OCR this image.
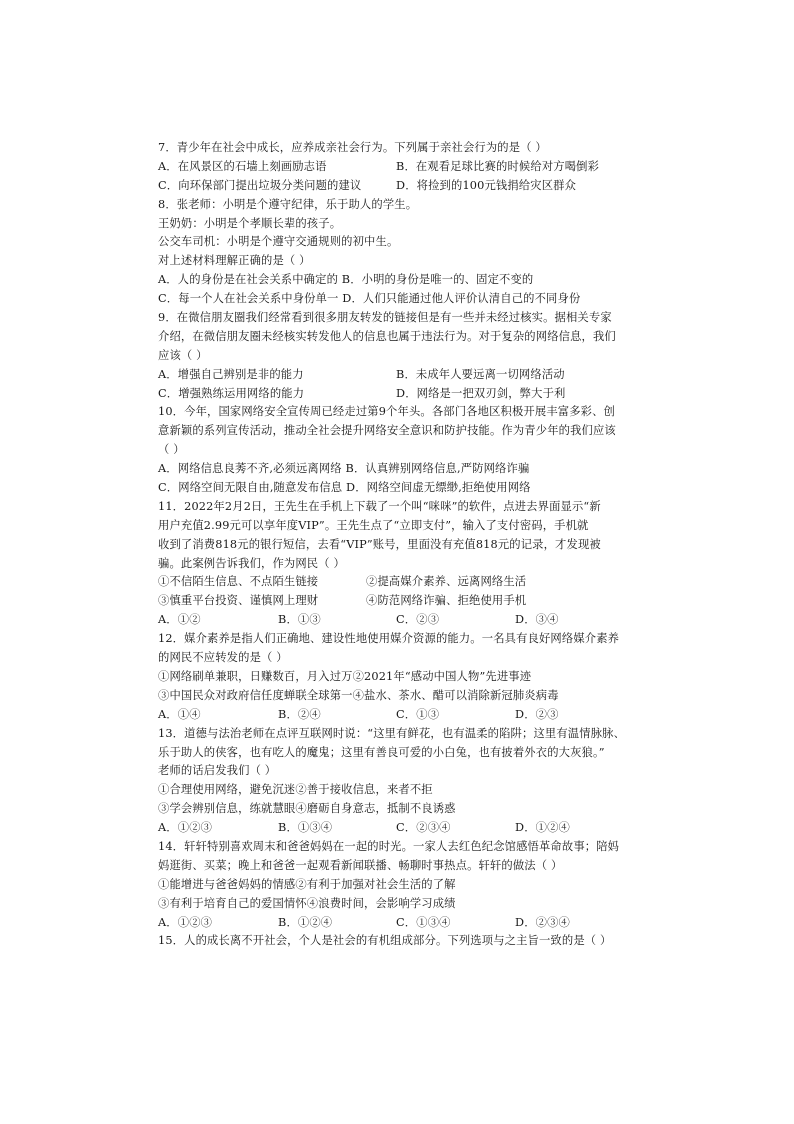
7．青少年在社会中成长，应养成亲社会行为。下列属于亲社会行为的是（ ）
A．在风景区的石墙上刻画励志语	B．在观看足球比赛的时候给对方喝倒彩
C．向环保部门提出垃圾分类问题的建议	D．将捡到的100元钱捐给灾区群众
8．张老师：小明是个遵守纪律，乐于助人的学生。
王奶奶：小明是个孝顺长辈的孩子。
公交车司机：小明是个遵守交通规则的初中生。
对上述材料理解正确的是（ ）
A．人的身份是在社会关系中确定的 B．小明的身份是唯一的、固定不变的
C．每一个人在社会关系中身份单一 D．人们只能通过他人评价认清自己的不同身份
9．在微信朋友圈我们经常看到很多朋友转发的链接但是有一些并未经过核实。据相关专家
介绍，在微信朋友圈未经核实转发他人的信息也属于违法行为。对于复杂的网络信息，我们
应该（ ）
A．增强自己辨别是非的能力	B．未成年人要远离一切网络活动
C．增强熟练运用网络的能力	D．网络是一把双刃剑，弊大于利
10．今年，国家网络安全宣传周已经走过第9个年头。各部门各地区积极开展丰富多彩、创
意新颖的系列宣传活动，推动全社会提升网络安全意识和防护技能。作为青少年的我们应该
（ ）
A．网络信息良莠不齐,必须远离网络 B．认真辨别网络信息,严防网络诈骗
C．网络空间无限自由,随意发布信息 D．网络空间虚无缥缈,拒绝使用网络
11．2022年2月2日，王先生在手机上下载了一个叫“咪咪”的软件，点进去界面显示“新
用户充值2.99元可以享年度VIP”。王先生点了“立即支付”，输入了支付密码，手机就
收到了消费818元的银行短信，去看“VIP”账号，里面没有充值818元的记录，才发现被
骗。此案例告诉我们，作为网民（ ）
①不信陌生信息、不点陌生链接	②提高媒介素养、远离网络生活
③慎重平台投资、谨慎网上理财	④防范网络诈骗、拒绝使用手机
A．①②	B．①③	C．②③	D．③④
12．媒介素养是指人们正确地、建设性地使用媒介资源的能力。一名具有良好网络媒介素养
的网民不应转发的是（ ）
①网络刷单兼职，日赚数百，月入过万②2021年“感动中国人物”先进事迹
③中国民众对政府信任度蝉联全球第一④盐水、茶水、醋可以消除新冠肺炎病毒
A．①④	B．②④	C．①③	D．②③
13．道德与法治老师在点评互联网时说：“这里有鲜花，也有温柔的陷阱；这里有温情脉脉、
乐于助人的侠客，也有吃人的魔鬼；这里有善良可爱的小白兔，也有披着外衣的大灰狼。”
老师的话启发我们（ ）
①合理使用网络，避免沉迷②善于接收信息，来者不拒
③学会辨别信息，练就慧眼④磨砺自身意志，抵制不良诱惑
A．①②③	B．①③④	C．②③④	D．①②④
14．轩轩特别喜欢周末和爸爸妈妈在一起的时光。一家人去红色纪念馆感悟革命故事；陪妈
妈逛街、买菜；晚上和爸爸一起观看新闻联播、畅聊时事热点。轩轩的做法（ ）
①能增进与爸爸妈妈的情感②有利于加强对社会生活的了解
③有利于培育自己的爱国情怀④浪费时间，会影响学习成绩
A．①②③	B．①②④	C．①③④	D．②③④
15．人的成长离不开社会，个人是社会的有机组成部分。下列选项与之主旨一致的是（ ）
